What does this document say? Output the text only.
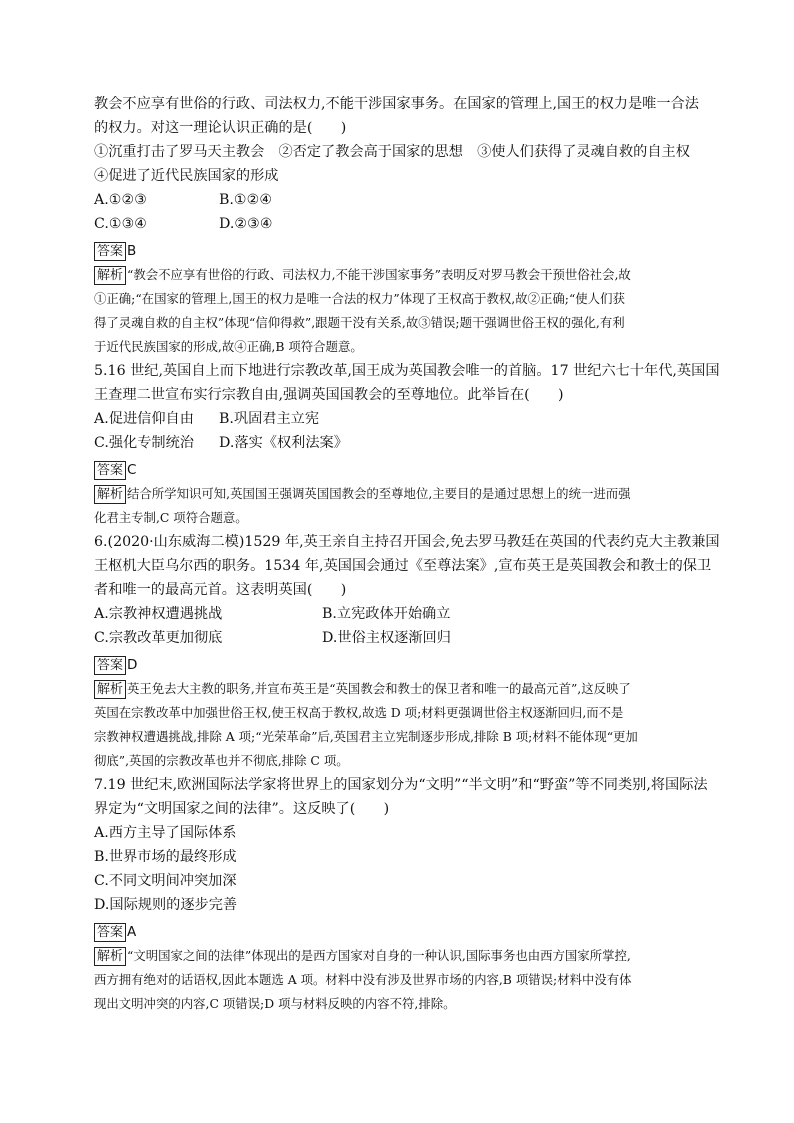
教会不应享有世俗的行政、司法权力,不能干涉国家事务。在国家的管理上,国王的权力是唯一合法
的权力。对这一理论认识正确的是(　　)
①沉重打击了罗马天主教会　②否定了教会高于国家的思想　③使人们获得了灵魂自救的自主权
④促进了近代民族国家的形成
A.①②③	B.①②④
C.①③④	D.②③④
答案 B
解析 “教会不应享有世俗的行政、司法权力,不能干涉国家事务”表明反对罗马教会干预世俗社会,故
①正确;“在国家的管理上,国王的权力是唯一合法的权力”体现了王权高于教权,故②正确;“使人们获
得了灵魂自救的自主权”体现“信仰得救”,跟题干没有关系,故③错误;题干强调世俗王权的强化,有利
于近代民族国家的形成,故④正确,B 项符合题意。
5.16 世纪,英国自上而下地进行宗教改革,国王成为英国教会唯一的首脑。17 世纪六七十年代,英国国
王查理二世宣布实行宗教自由,强调英国国教会的至尊地位。此举旨在(　　)
A.促进信仰自由	B.巩固君主立宪
C.强化专制统治	D.落实《权利法案》
答案 C
解析 结合所学知识可知,英国国王强调英国国教会的至尊地位,主要目的是通过思想上的统一进而强
化君主专制,C 项符合题意。
6.(2020·山东威海二模)1529 年,英王亲自主持召开国会,免去罗马教廷在英国的代表约克大主教兼国
王枢机大臣乌尔西的职务。1534 年,英国国会通过《至尊法案》,宣布英王是英国教会和教士的保卫
者和唯一的最高元首。这表明英国(　　)
A.宗教神权遭遇挑战	B.立宪政体开始确立
C.宗教改革更加彻底	D.世俗主权逐渐回归
答案 D
解析 英王免去大主教的职务,并宣布英王是“英国教会和教士的保卫者和唯一的最高元首”,这反映了
英国在宗教改革中加强世俗王权,使王权高于教权,故选 D 项;材料更强调世俗主权逐渐回归,而不是
宗教神权遭遇挑战,排除 A 项;“光荣革命”后,英国君主立宪制逐步形成,排除 B 项;材料不能体现“更加
彻底”,英国的宗教改革也并不彻底,排除 C 项。
7.19 世纪末,欧洲国际法学家将世界上的国家划分为“文明”“半文明”和“野蛮”等不同类别,将国际法
界定为“文明国家之间的法律”。这反映了(　　)
A.西方主导了国际体系
B.世界市场的最终形成
C.不同文明间冲突加深
D.国际规则的逐步完善
答案 A
解析 “文明国家之间的法律”体现出的是西方国家对自身的一种认识,国际事务也由西方国家所掌控,
西方拥有绝对的话语权,因此本题选 A 项。材料中没有涉及世界市场的内容,B 项错误;材料中没有体
现出文明冲突的内容,C 项错误;D 项与材料反映的内容不符,排除。
